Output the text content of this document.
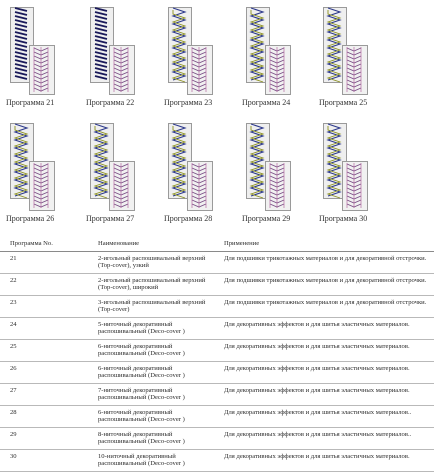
Программа 21	Программа 22	Программа 23	Программа 24	Программа 25
Программа 26	Программа 27	Программа 28	Программа 29	Программа 30
Программа No.	Наименование	Применение
21	2-игольный распошивальный верхний (Top-cover), узкий	Для подшивки трикотажных материалов и для декоративной отстрочки.
22	2-игольный распошивальный верхний (Top-cover), широкий	Для подшивки трикотажных материалов и для декоративной отстрочки.
23	3-игольный распошивальный верхний (Top-cover)	Для подшивки трикотажных материалов и для декоративной отстрочки.
24	5-ниточный декоративный распошивальный (Deco-cover )	Для декоративных эффектов и для шитья эластичных материалов.
25	6-ниточный декоративный распошивальный (Deco-cover )	Для декоративных эффектов и для шитья эластичных материалов.
26	6-ниточный декоративный распошивальный (Deco-cover )	Для декоративных эффектов и для шитья эластичных материалов.
27	7-ниточный декоративный распошивальный (Deco-cover )	Для декоративных эффектов и для шитья эластичных материалов.
28	6-ниточный декоративный распошивальный (Deco-cover )	Для декоративных эффектов и для шитья эластичных материалов..
29	8-ниточный декоративный распошивальный (Deco-cover )	Для декоративных эффектов и для шитья эластичных материалов..
30	10-ниточный декоративный распошивальный (Deco-cover )	Для декоративных эффектов и для шитья эластичных материалов.
